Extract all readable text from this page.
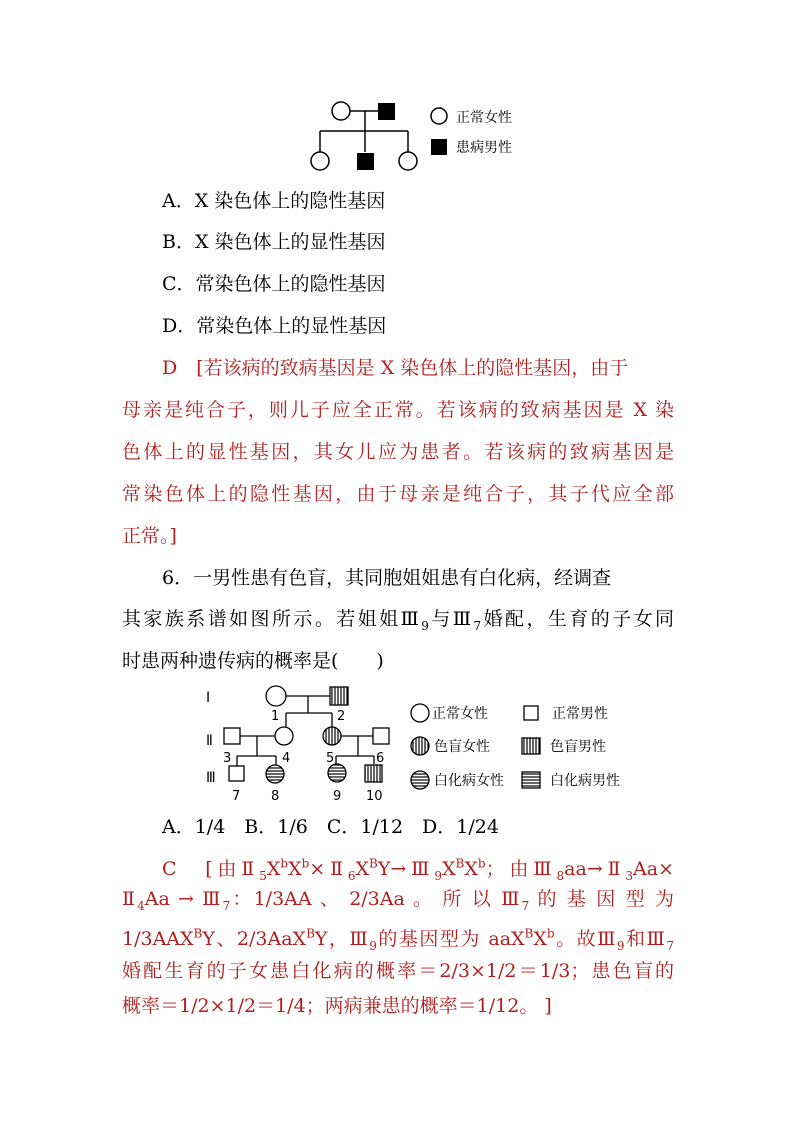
正常女性
患病男性
A．X 染色体上的隐性基因
B．X 染色体上的显性基因
C．常染色体上的隐性基因
D．常染色体上的显性基因
D　 [若该病的致病基因是 X 染色体上的隐性基因，由于
母亲是纯合子，则儿子应全正常。若该病的致病基因是 X 染
色体上的显性基因，其女儿应为患者。若该病的致病基因是
常染色体上的隐性基因，由于母亲是纯合子，其子代应全部
正常。]
6．一男性患有色盲，其同胞姐姐患有白化病，经调查
其家族系谱如图所示。若姐姐$Ⅲ_9$与$Ⅲ_7$婚配，生育的子女同
时患两种遗传病的概率是(　　)
Ⅰ
Ⅱ
Ⅲ
1	2
3	4	5	6
7 8	9 10
正常女性	正常男性
色盲女性	色盲男性
白化病女性	白化病男性
A．1/4　B．1/6　C．1/12　D．1/24
C　 [由$Ⅱ_5X^bX^b\times Ⅱ_6X^BY\to Ⅲ_9X^BX^b$；由$Ⅲ_8aa\to Ⅱ_3Aa\times$
$Ⅱ_4Aa$ → $Ⅲ_7$：1/3AA 、 2/3Aa 。 所 以 $Ⅲ_7$ 的 基 因 型 为
$1/3AAX^BY$、2/3AaX$^B$Y，$Ⅲ_9$的基因型为 $aaX^BX^b$。故$Ⅲ_9$和$Ⅲ_7$
婚配生育的子女患白化病的概率＝2/3×1/2＝1/3；患色盲的
概率＝1/2×1/2＝1/4；两病兼患的概率＝1/12。 ]
